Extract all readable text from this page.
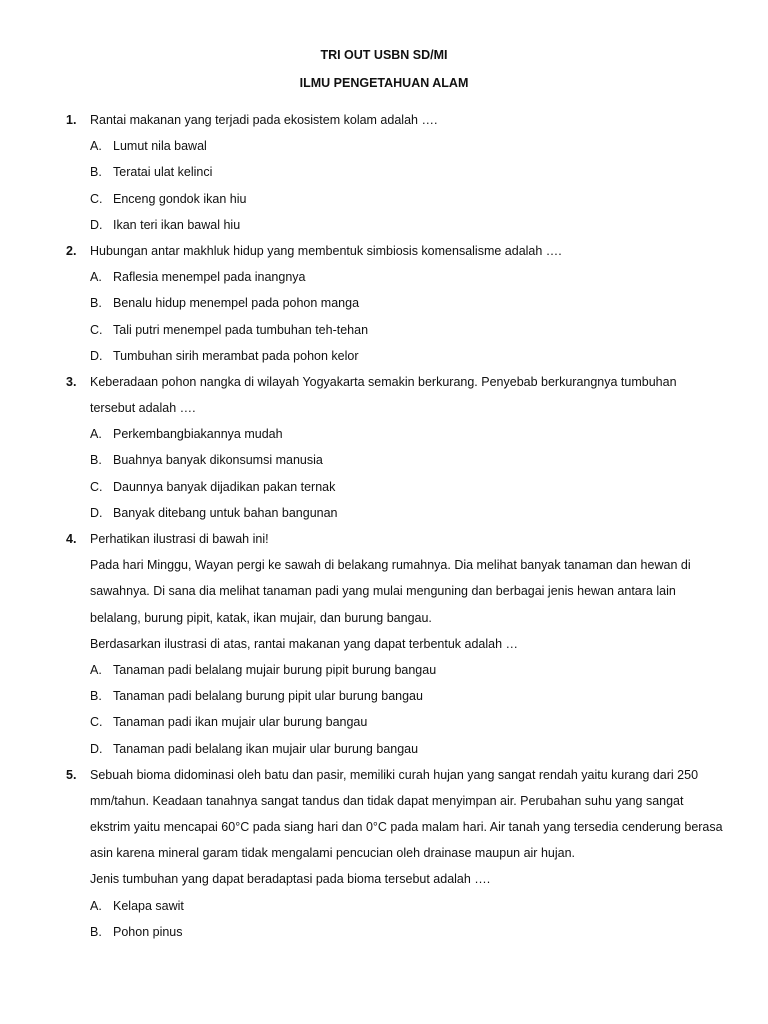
TRI OUT USBN SD/MI
ILMU PENGETAHUAN ALAM
1. Rantai makanan yang terjadi pada ekosistem kolam adalah ….
A. Lumut nila bawal
B. Teratai ulat kelinci
C. Enceng gondok ikan hiu
D. Ikan teri ikan bawal hiu
2. Hubungan antar makhluk hidup yang membentuk simbiosis komensalisme adalah ….
A. Raflesia menempel pada inangnya
B. Benalu hidup menempel pada pohon manga
C. Tali putri menempel pada tumbuhan teh-tehan
D. Tumbuhan sirih merambat pada pohon kelor
3. Keberadaan pohon nangka di wilayah Yogyakarta semakin berkurang. Penyebab berkurangnya tumbuhan
tersebut adalah ….
A. Perkembangbiakannya mudah
B. Buahnya banyak dikonsumsi manusia
C. Daunnya banyak dijadikan pakan ternak
D. Banyak ditebang untuk bahan bangunan
4. Perhatikan ilustrasi di bawah ini!
Pada hari Minggu, Wayan pergi ke sawah di belakang rumahnya. Dia melihat banyak tanaman dan hewan di
sawahnya. Di sana dia melihat tanaman padi yang mulai menguning dan berbagai jenis hewan antara lain
belalang, burung pipit, katak, ikan mujair, dan burung bangau.
Berdasarkan ilustrasi di atas, rantai makanan yang dapat terbentuk adalah …
A. Tanaman padi belalang mujair burung pipit burung bangau
B. Tanaman padi belalang burung pipit ular burung bangau
C. Tanaman padi ikan mujair ular burung bangau
D. Tanaman padi belalang ikan mujair ular burung bangau
5. Sebuah bioma didominasi oleh batu dan pasir, memiliki curah hujan yang sangat rendah yaitu kurang dari 250
mm/tahun. Keadaan tanahnya sangat tandus dan tidak dapat menyimpan air. Perubahan suhu yang sangat
ekstrim yaitu mencapai 60°C pada siang hari dan 0°C pada malam hari. Air tanah yang tersedia cenderung berasa
asin karena mineral garam tidak mengalami pencucian oleh drainase maupun air hujan.
Jenis tumbuhan yang dapat beradaptasi pada bioma tersebut adalah ….
A. Kelapa sawit
B. Pohon pinus
